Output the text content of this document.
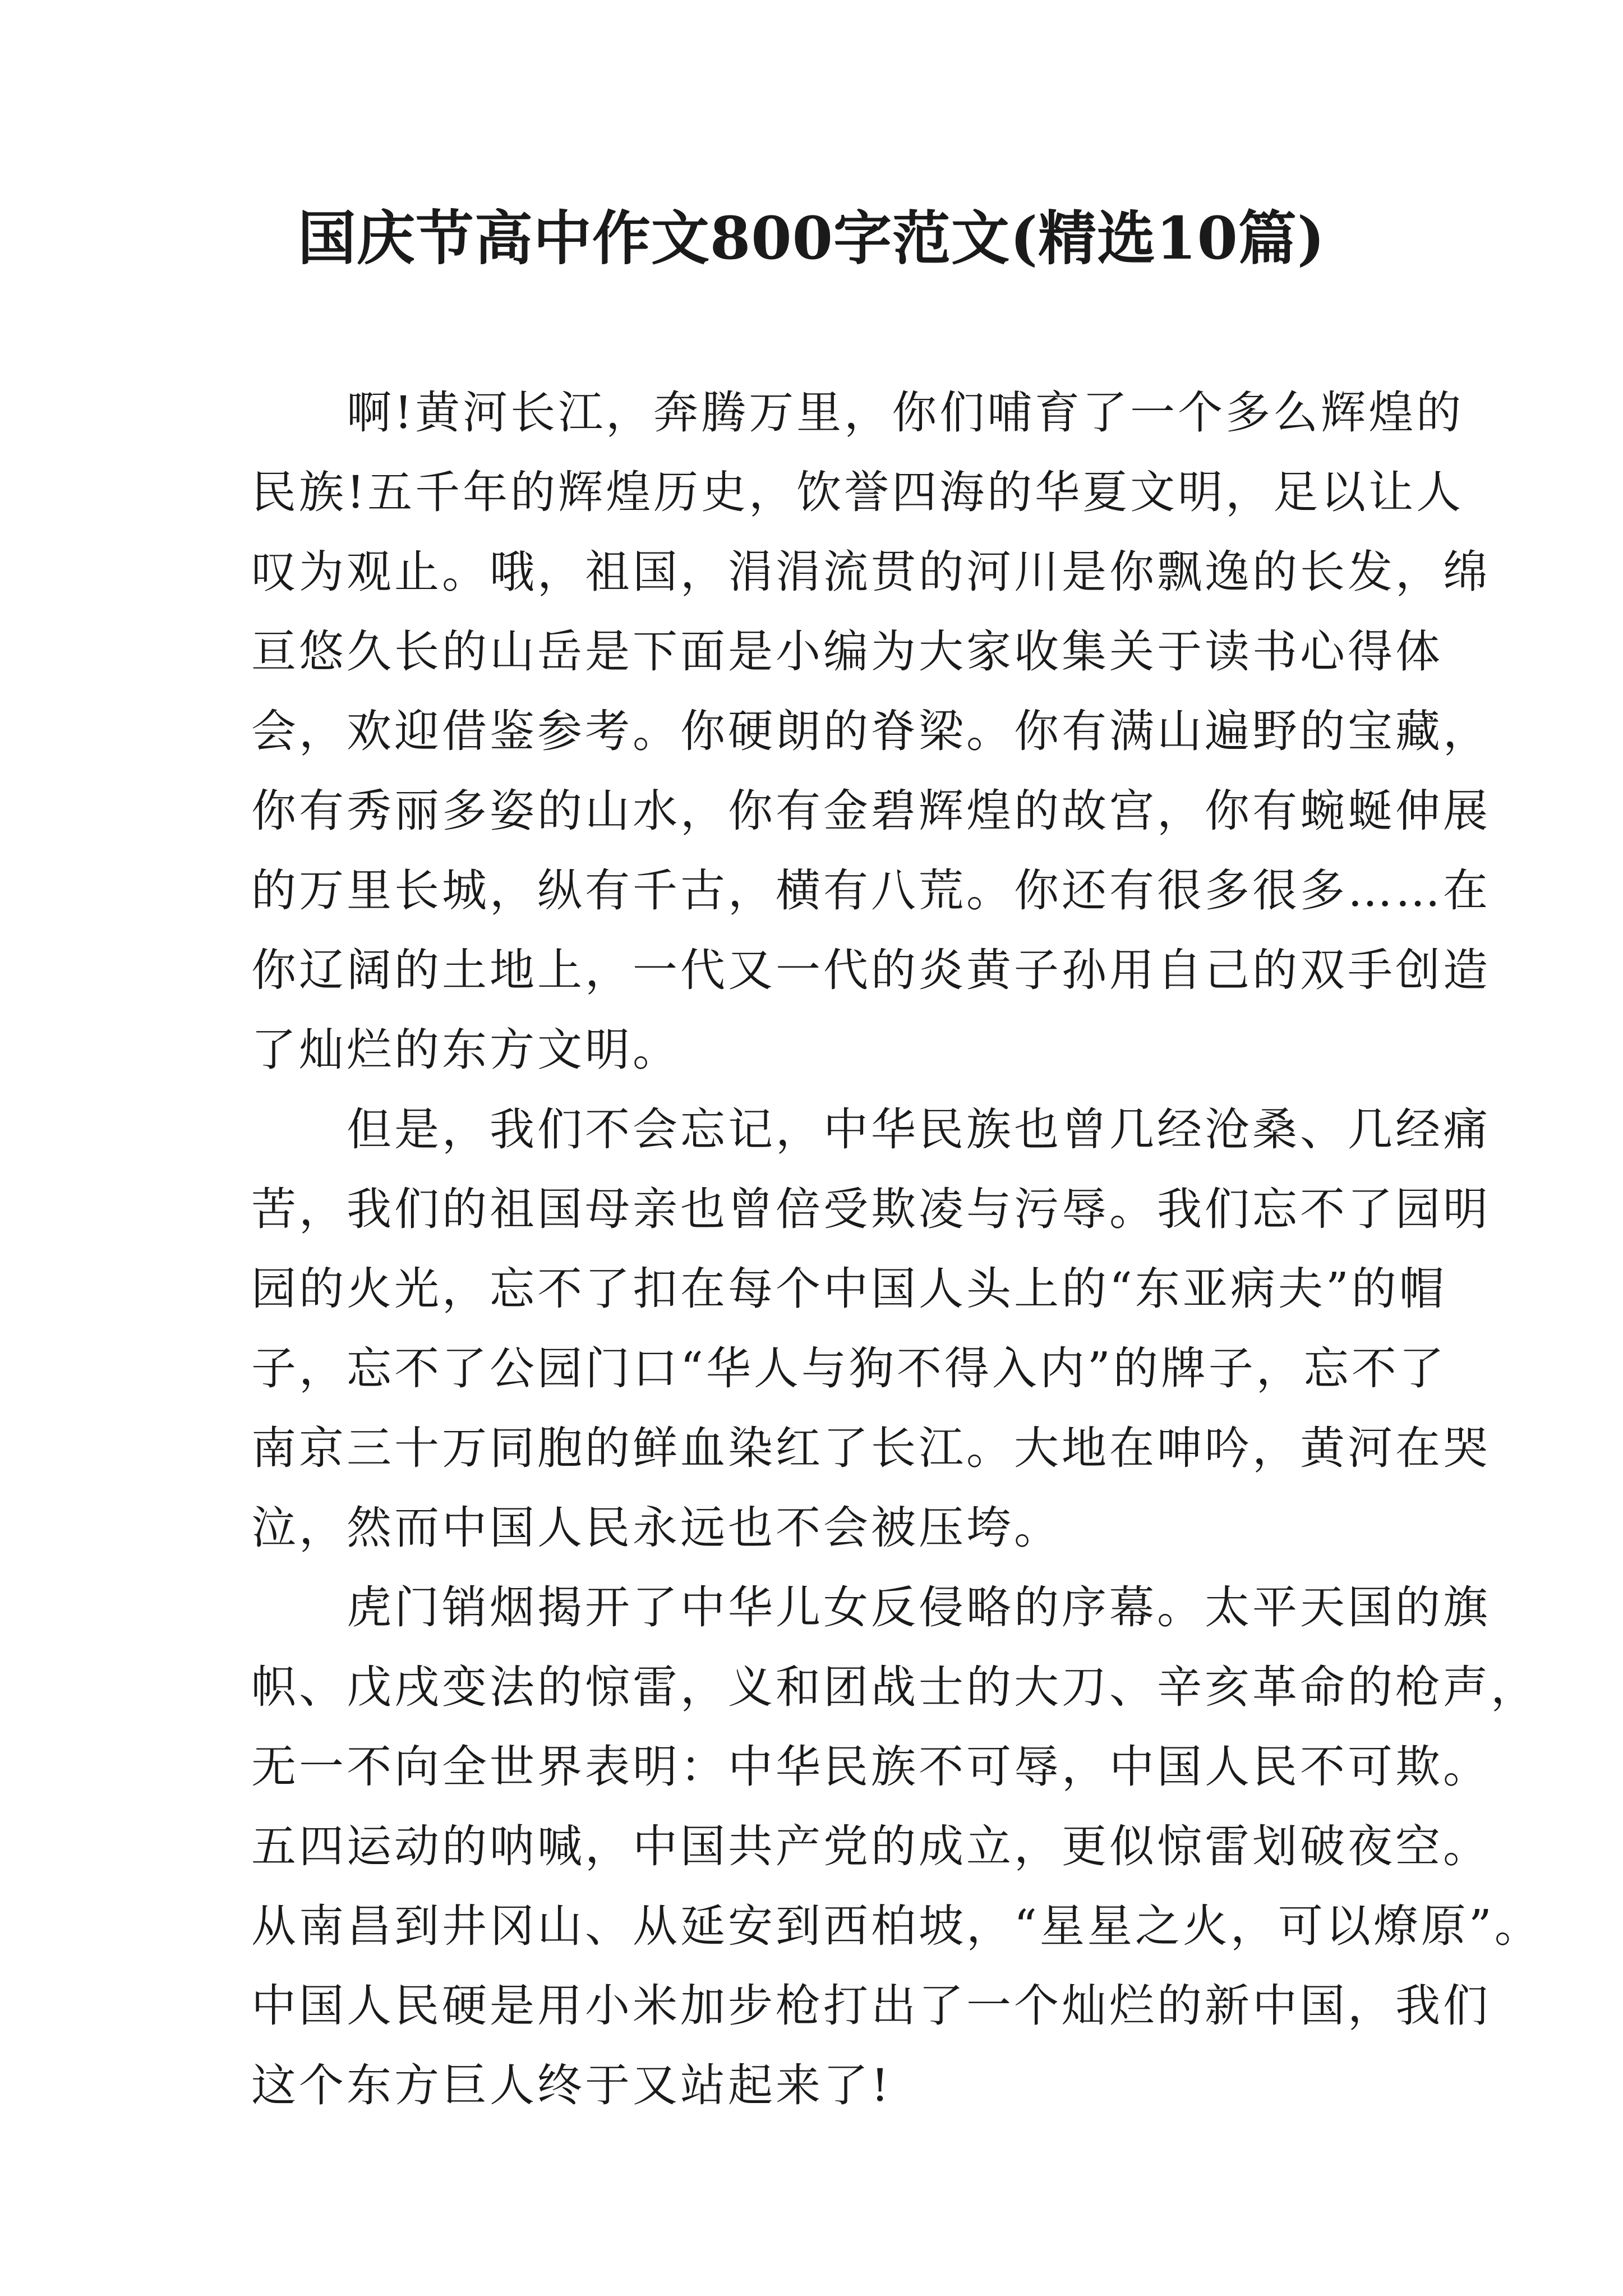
国庆节高中作文800字范文(精选10篇)
　　啊!黄河长江，奔腾万里，你们哺育了一个多么辉煌的
民族!五千年的辉煌历史，饮誉四海的华夏文明，足以让人
叹为观止。哦，祖国，涓涓流贯的河川是你飘逸的长发，绵
亘悠久长的山岳是下面是小编为大家收集关于读书心得体
会，欢迎借鉴参考。你硬朗的脊梁。你有满山遍野的宝藏，
你有秀丽多姿的山水，你有金碧辉煌的故宫，你有蜿蜒伸展
的万里长城，纵有千古，横有八荒。你还有很多很多……在
你辽阔的土地上，一代又一代的炎黄子孙用自己的双手创造
了灿烂的东方文明。
　　但是，我们不会忘记，中华民族也曾几经沧桑、几经痛
苦，我们的祖国母亲也曾倍受欺凌与污辱。我们忘不了园明
园的火光，忘不了扣在每个中国人头上的“东亚病夫”的帽
子，忘不了公园门口“华人与狗不得入内”的牌子，忘不了
南京三十万同胞的鲜血染红了长江。大地在呻吟，黄河在哭
泣，然而中国人民永远也不会被压垮。
　　虎门销烟揭开了中华儿女反侵略的序幕。太平天国的旗
帜、戊戌变法的惊雷，义和团战士的大刀、辛亥革命的枪声，
无一不向全世界表明：中华民族不可辱，中国人民不可欺。
五四运动的呐喊，中国共产党的成立，更似惊雷划破夜空。
从南昌到井冈山、从延安到西柏坡，“星星之火，可以燎原”。
中国人民硬是用小米加步枪打出了一个灿烂的新中国，我们
这个东方巨人终于又站起来了!
